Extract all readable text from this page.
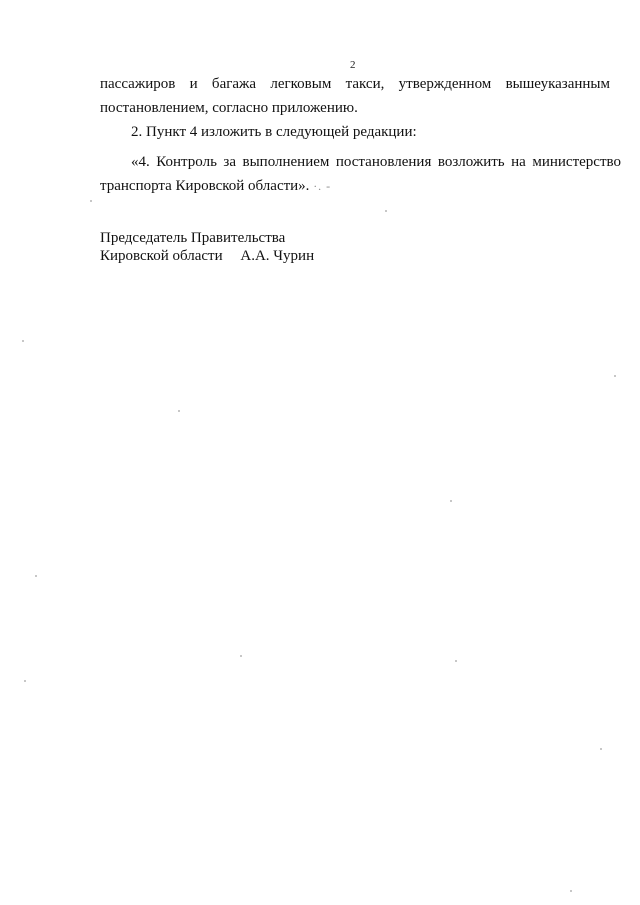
2
пассажиров и багажа легковым такси, утвержденном вышеуказанным
постановлением, согласно приложению.
2. Пункт 4 изложить в следующей редакции:
«4. Контроль за выполнением постановления возложить на министерство
транспорта Кировской области». ·. -
Председатель Правительства
Кировской области А.А. Чурин
